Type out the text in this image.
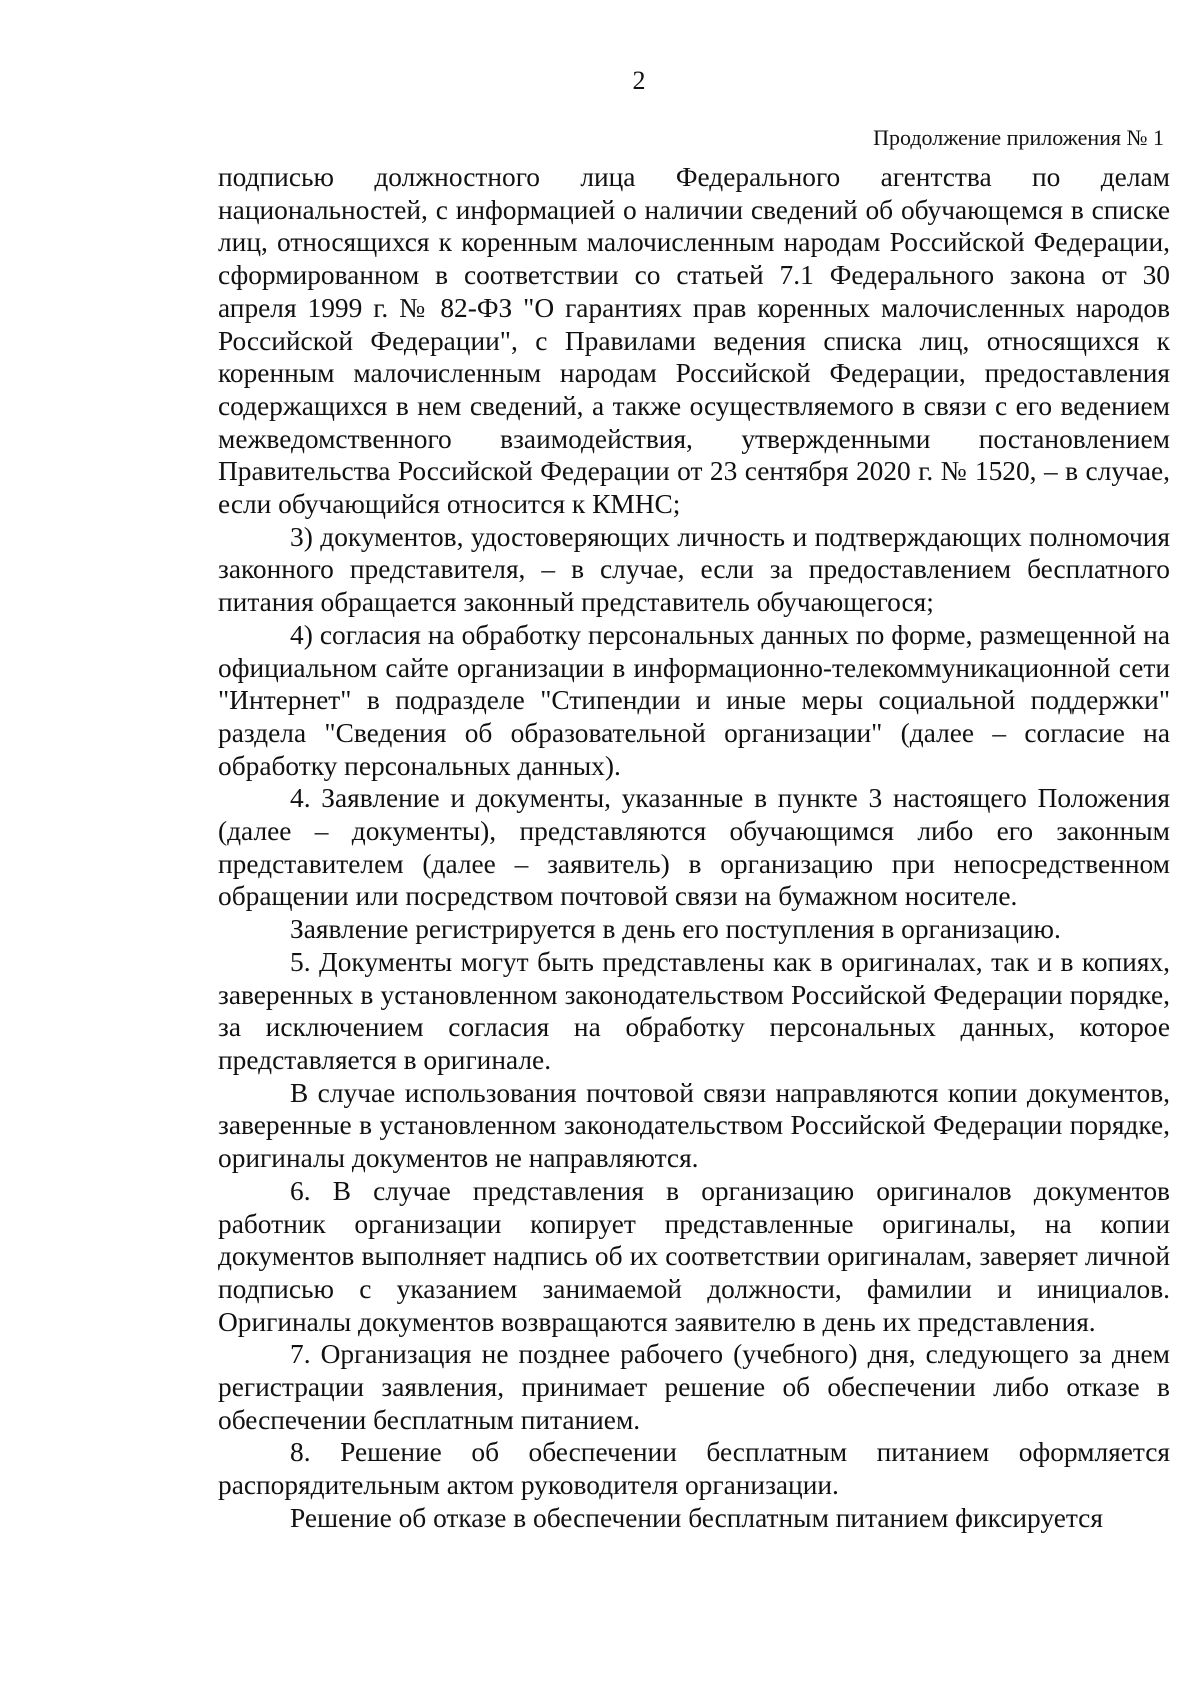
2
Продолжение приложения № 1

подписью должностного лица Федерального агентства по делам национальностей, с информацией о наличии сведений об обучающемся в списке лиц, относящихся к коренным малочисленным народам Российской Федерации, сформированном в соответствии со статьей 7.1 Федерального закона от 30 апреля 1999 г. № 82-ФЗ "О гарантиях прав коренных малочисленных народов Российской Федерации", с Правилами ведения списка лиц, относящихся к коренным малочисленным народам Российской Федерации, предоставления содержащихся в нем сведений, а также осуществляемого в связи с его ведением межведомственного взаимодействия, утвержденными постановлением Правительства Российской Федерации от 23 сентября 2020 г. № 1520, – в случае, если обучающийся относится к КМНС;

3) документов, удостоверяющих личность и подтверждающих полномочия законного представителя, – в случае, если за предоставлением бесплатного питания обращается законный представитель обучающегося;

4) согласия на обработку персональных данных по форме, размещенной на официальном сайте организации в информационно-телекоммуникационной сети "Интернет" в подразделе "Стипендии и иные меры социальной поддержки" раздела "Сведения об образовательной организации" (далее – согласие на обработку персональных данных).

4. Заявление и документы, указанные в пункте 3 настоящего Положения (далее – документы), представляются обучающимся либо его законным представителем (далее – заявитель) в организацию при непосредственном обращении или посредством почтовой связи на бумажном носителе.

Заявление регистрируется в день его поступления в организацию.

5. Документы могут быть представлены как в оригиналах, так и в копиях, заверенных в установленном законодательством Российской Федерации порядке, за исключением согласия на обработку персональных данных, которое представляется в оригинале.

В случае использования почтовой связи направляются копии документов, заверенные в установленном законодательством Российской Федерации порядке, оригиналы документов не направляются.

6. В случае представления в организацию оригиналов документов работник организации копирует представленные оригиналы, на копии документов выполняет надпись об их соответствии оригиналам, заверяет личной подписью с указанием занимаемой должности, фамилии и инициалов. Оригиналы документов возвращаются заявителю в день их представления.

7. Организация не позднее рабочего (учебного) дня, следующего за днем регистрации заявления, принимает решение об обеспечении либо отказе в обеспечении бесплатным питанием.

8. Решение об обеспечении бесплатным питанием оформляется распорядительным актом руководителя организации.

Решение об отказе в обеспечении бесплатным питанием фиксируется
